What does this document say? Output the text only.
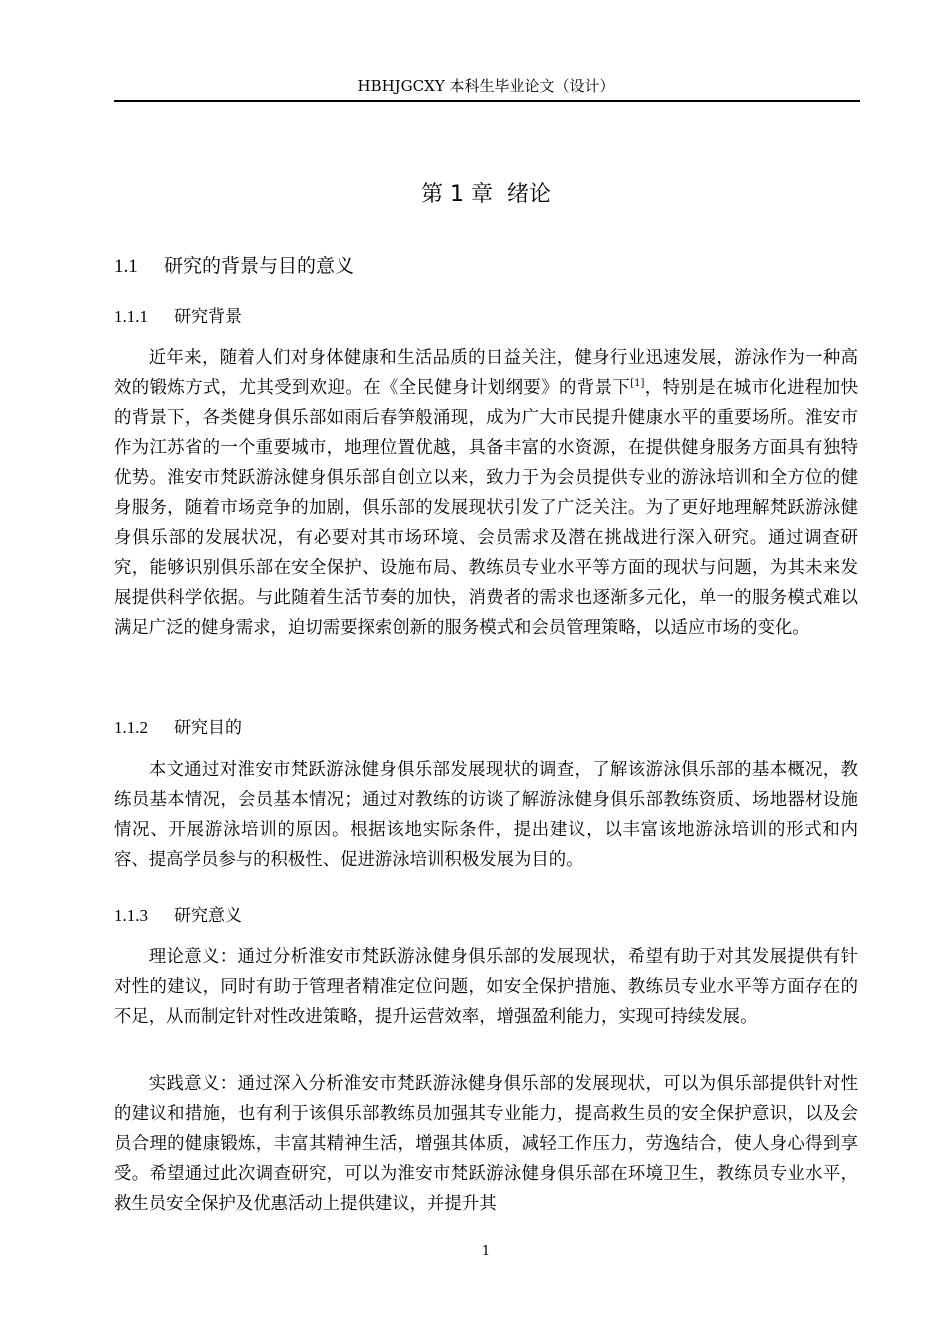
HBHJGCXY 本科生毕业论文（设计）
第 1 章 绪论
1.1 研究的背景与目的意义
1.1.1 研究背景

近年来，随着人们对身体健康和生活品质的日益关注，健身行业迅速发展，游泳作为一种高效的锻炼方式，尤其受到欢迎。在《全民健身计划纲要》的背景下[1]，特别是在城市化进程加快的背景下，各类健身俱乐部如雨后春笋般涌现，成为广大市民提升健康水平的重要场所。淮安市作为江苏省的一个重要城市，地理位置优越，具备丰富的水资源，在提供健身服务方面具有独特优势。淮安市梵跃游泳健身俱乐部自创立以来，致力于为会员提供专业的游泳培训和全方位的健身服务，随着市场竞争的加剧，俱乐部的发展现状引发了广泛关注。为了更好地理解梵跃游泳健身俱乐部的发展状况，有必要对其市场环境、会员需求及潜在挑战进行深入研究。通过调查研究，能够识别俱乐部在安全保护、设施布局、教练员专业水平等方面的现状与问题，为其未来发展提供科学依据。与此随着生活节奏的加快，消费者的需求也逐渐多元化，单一的服务模式难以满足广泛的健身需求，迫切需要探索创新的服务模式和会员管理策略，以适应市场的变化。

1.1.2 研究目的

本文通过对淮安市梵跃游泳健身俱乐部发展现状的调查，了解该游泳俱乐部的基本概况，教练员基本情况，会员基本情况；通过对教练的访谈了解游泳健身俱乐部教练资质、场地器材设施情况、开展游泳培训的原因。根据该地实际条件，提出建议，以丰富该地游泳培训的形式和内容、提高学员参与的积极性、促进游泳培训积极发展为目的。

1.1.3 研究意义

理论意义：通过分析淮安市梵跃游泳健身俱乐部的发展现状，希望有助于对其发展提供有针对性的建议，同时有助于管理者精准定位问题，如安全保护措施、教练员专业水平等方面存在的不足，从而制定针对性改进策略，提升运营效率，增强盈利能力，实现可持续发展。

实践意义：通过深入分析淮安市梵跃游泳健身俱乐部的发展现状，可以为俱乐部提供针对性的建议和措施，也有利于该俱乐部教练员加强其专业能力，提高救生员的安全保护意识，以及会员合理的健康锻炼，丰富其精神生活，增强其体质，减轻工作压力，劳逸结合，使人身心得到享受。希望通过此次调查研究，可以为淮安市梵跃游泳健身俱乐部在环境卫生，教练员专业水平，救生员安全保护及优惠活动上提供建议，并提升其

1
